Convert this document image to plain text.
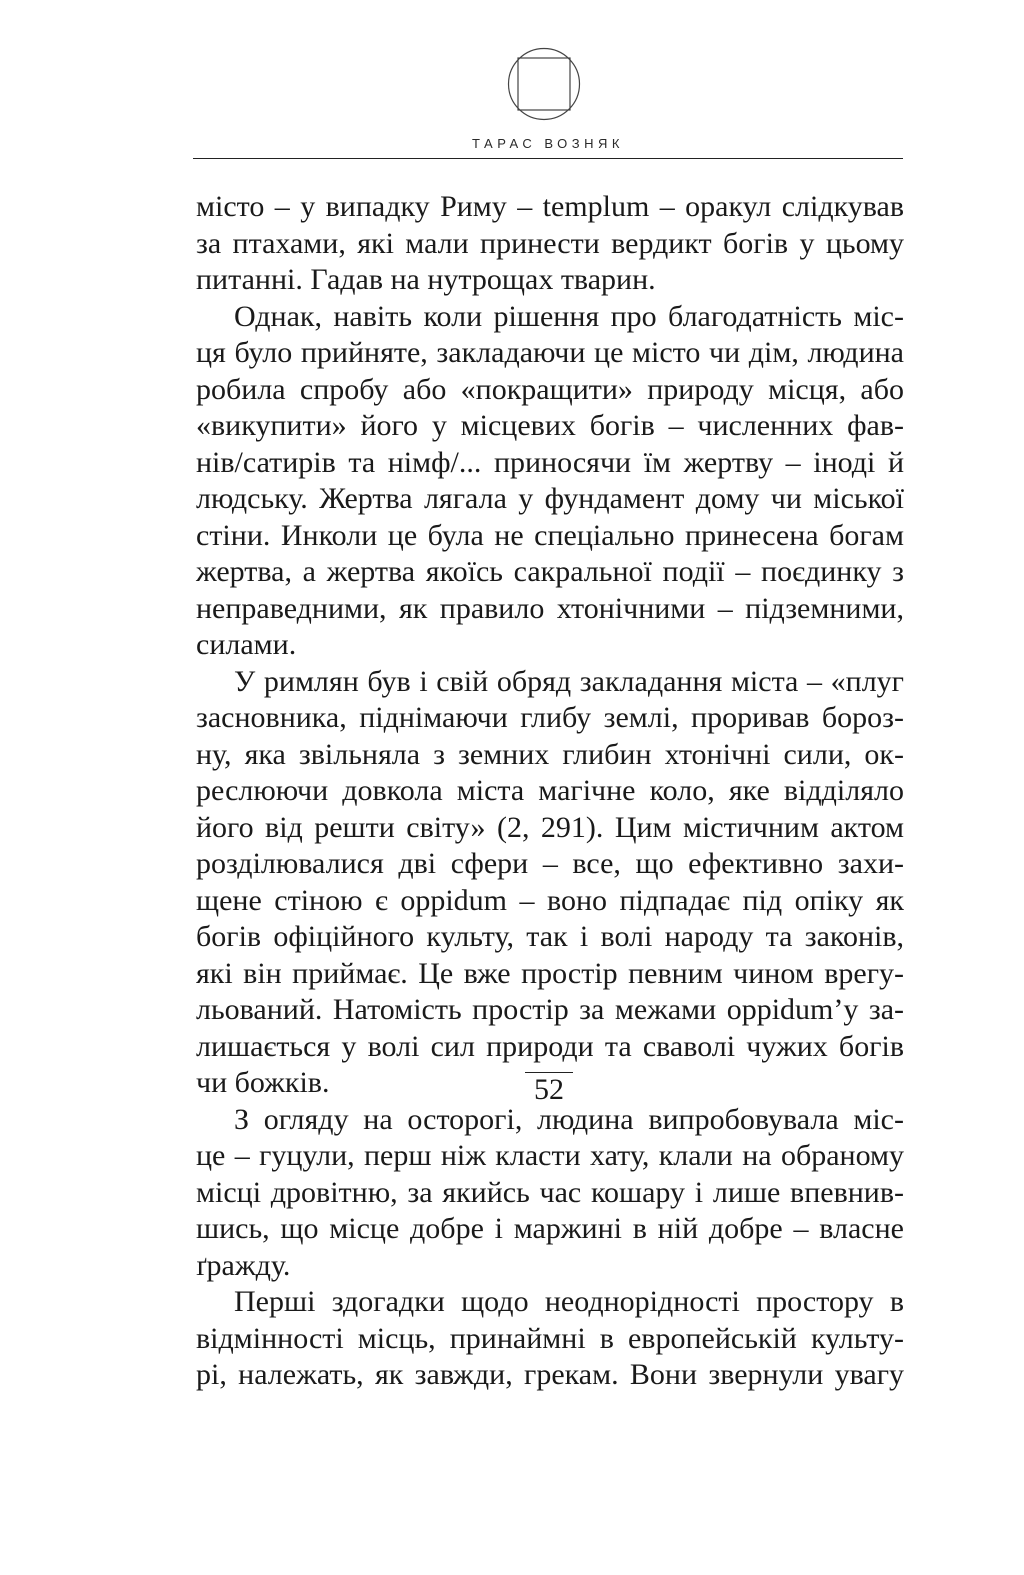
ТАРАС ВОЗНЯК
місто – у випадку Риму – templum – оракул слідкував
за птахами, які мали принести вердикт богів у цьому
питанні. Гадав на нутрощах тварин.
Однак, навіть коли рішення про благодатність міс-
ця було прийняте, закладаючи це місто чи дім, людина
робила спробу або «покращити» природу місця, або
«викупити» його у місцевих богів – численних фав-
нів/сатирів та німф/... приносячи їм жертву – іноді й
людську. Жертва лягала у фундамент дому чи міської
стіни. Инколи це була не спеціально принесена богам
жертва, а жертва якоїсь сакральної події – поєдинку з
неправедними, як правило хтонічними – підземними,
силами.
У римлян був і свій обряд закладання міста – «плуг
засновника, піднімаючи глибу землі, проривав борoз-
ну, яка звільняла з земних глибин хтонічні сили, ок-
реслюючи довкола міста магічне коло, яке відділяло
його від решти світу» (2, 291). Цим містичним актом
розділювалися дві сфери – все, що ефективно захи-
щене стіною є oppidum – воно підпадає під опіку як
богів офіційного культу, так і волі народу та законів,
які він приймає. Це вже простір певним чином врегу-
льований. Натомість простір за межами oppidum’у за-
лишається у волі сил природи та сваволі чужих богів
чи божків.
З огляду на осторогі, людина випробовувала міс-
це – гуцули, перш ніж класти хату, клали на обраному
місці дровітню, за якийсь час кошару і лише впевнив-
шись, що місце добре і маржині в ній добре – власне
ґражду.
Перші здогадки щодо неоднорідності простору в
відмінності місць, принаймні в европейській культу-
рі, належать, як завжди, грекам. Вони звернули увагу
52
